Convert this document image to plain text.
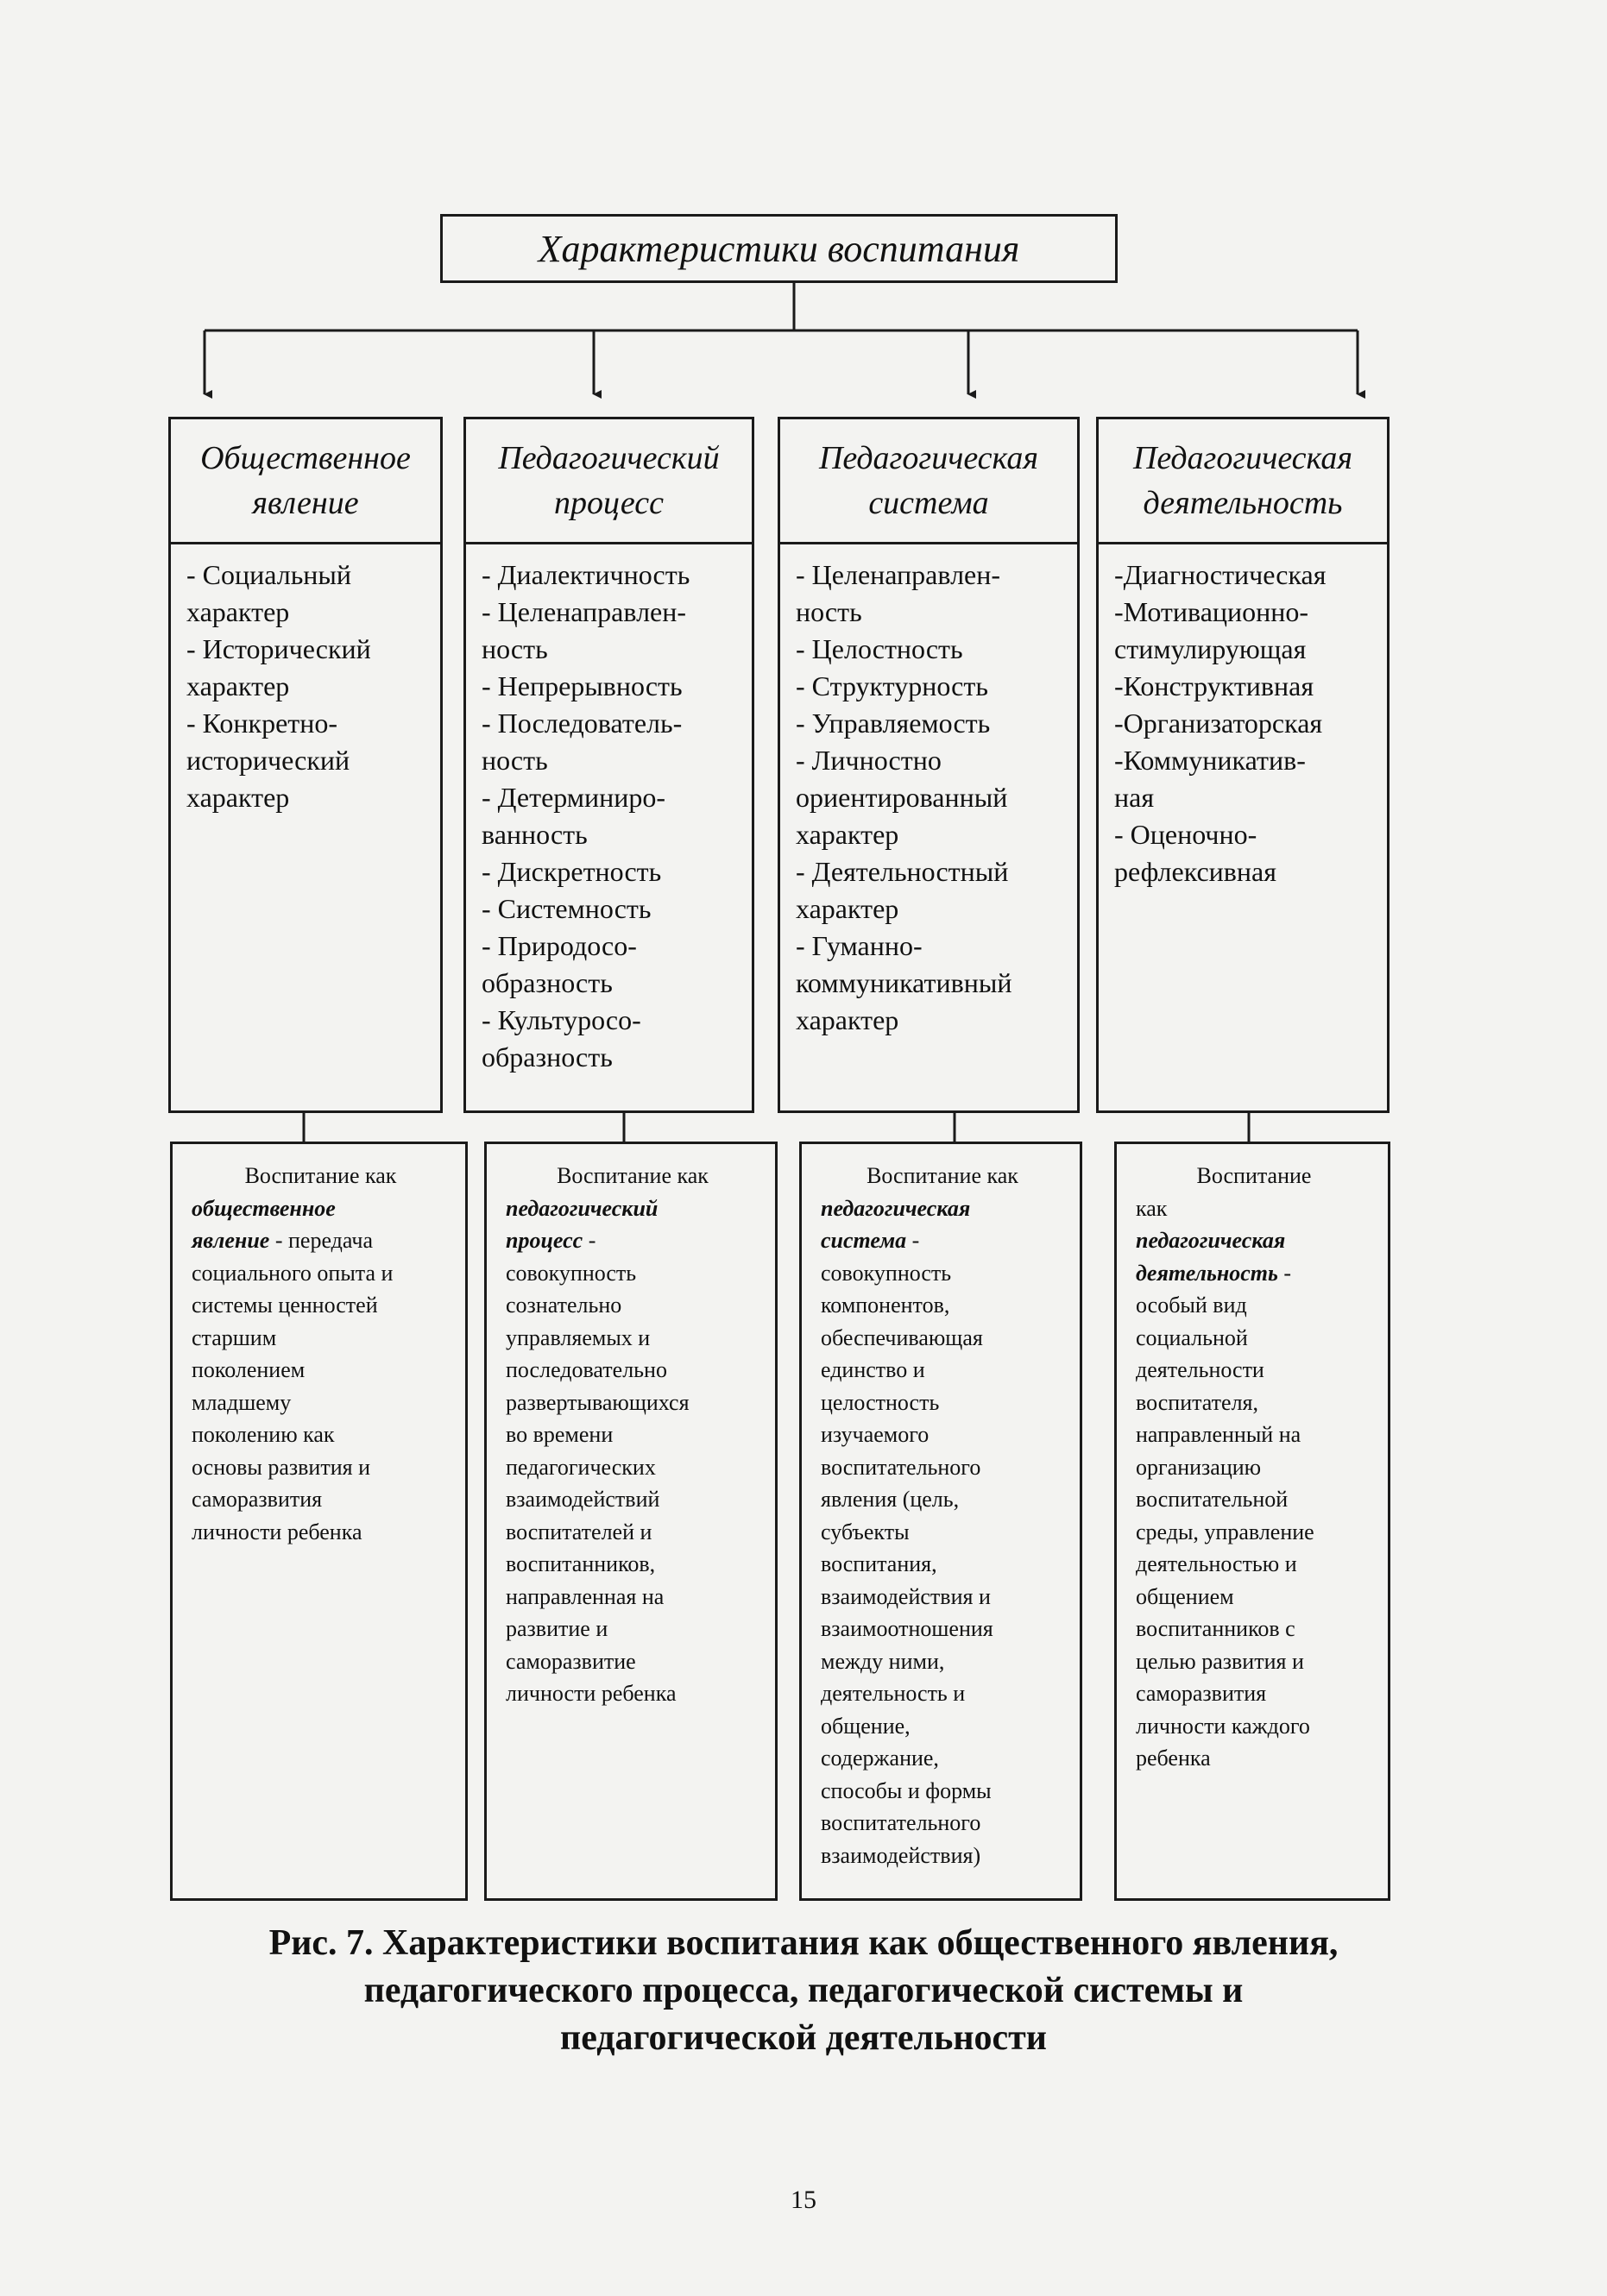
Характеристики воспитания
Общественное
явление
- Социальный
характер
- Исторический
характер
- Конкретно-
исторический
характер
Воспитание как
общественное
явление - передача
социального опыта и
системы ценностей
старшим
поколением
младшему
поколению как
основы развития и
саморазвития
личности ребенка
Педагогический
процесс
- Диалектичность
- Целенаправлен-
ность
- Непрерывность
- Последователь-
ность
- Детерминиро-
ванность
- Дискретность
- Системность
- Природосо-
образность
- Культуросо-
образность
Воспитание как
педагогический
процесс -
совокупность
сознательно
управляемых и
последовательно
развертывающихся
во времени
педагогических
взаимодействий
воспитателей и
воспитанников,
направленная на
развитие и
саморазвитие
личности ребенка
Педагогическая
система
- Целенаправлен-
ность
- Целостность
- Структурность
- Управляемость
- Личностно
ориентированный
характер
- Деятельностный
характер
- Гуманно-
коммуникативный
характер
Воспитание как
педагогическая
система -
совокупность
компонентов,
обеспечивающая
единство и
целостность
изучаемого
воспитательного
явления (цель,
субъекты
воспитания,
взаимодействия и
взаимоотношения
между ними,
деятельность и
общение,
содержание,
способы и формы
воспитательного
взаимодействия)
Педагогическая
деятельность
-Диагностическая
-Мотивационно-
стимулирующая
-Конструктивная
-Организаторская
-Коммуникатив-
ная
- Оценочно-
рефлексивная
Воспитание
как
педагогическая
деятельность -
особый вид
социальной
деятельности
воспитателя,
направленный на
организацию
воспитательной
среды, управление
деятельностью и
общением
воспитанников с
целью развития и
саморазвития
личности каждого
ребенка
Рис. 7. Характеристики воспитания как общественного явления,
педагогического процесса, педагогической системы и
педагогической деятельности
15
